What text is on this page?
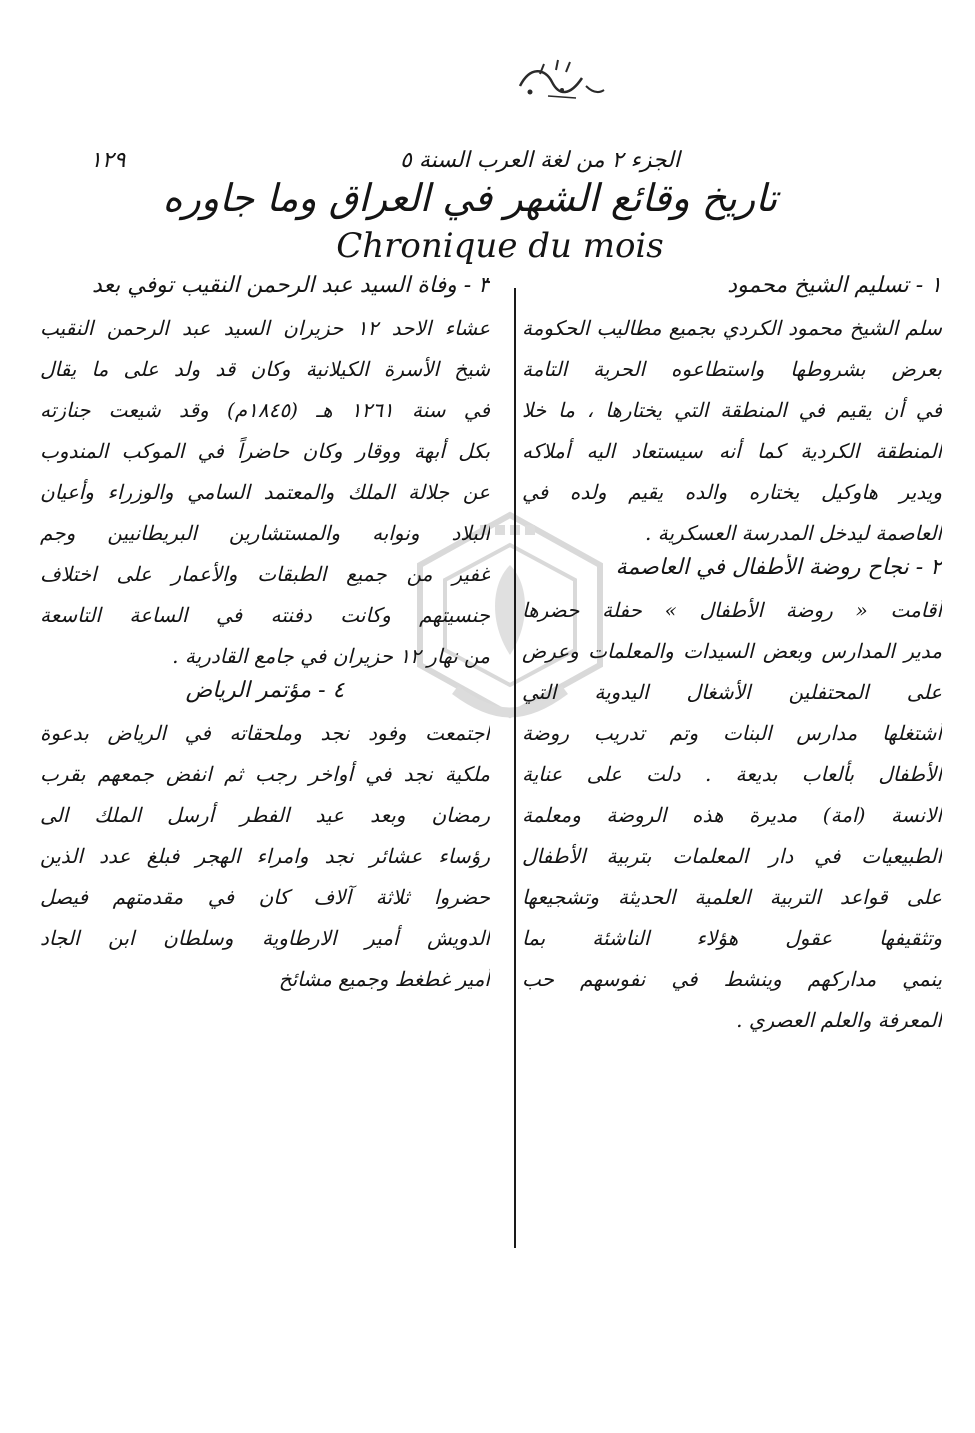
الجزء ٢ من لغة العرب السنة ٥
١٢٩
تاريخ وقائع الشهر في العراق وما جاوره
Chronique du mois
١ - تسليم الشيخ محمود
سلم الشيخ محمود الكردي بجميع مطاليب الحكومة
بعرض بشروطها واستطاعوه الحرية التامة
في أن يقيم في المنطقة التي يختارها ، ما خلا
المنطقة الكردية كما أنه سيستعاد اليه أملاكه
ويدير هاوكيل يختاره والده يقيم ولده في
العاصمة ليدخل المدرسة العسكرية .
٢ - نجاح روضة الأطفال في العاصمة
أقامت « روضة الأطفال » حفلة حضرها
مدير المدارس وبعض السيدات والمعلمات وعرض
على المحتفلين الأشغال اليدوية التي
أشتغلها مدارس البنات وتم تدريب روضة
الأطفال بألعاب بديعة . دلت على عناية
الانسة (امة) مديرة هذه الروضة ومعلمة
الطبيعيات في دار المعلمات بتربية الأطفال
على قواعد التربية العلمية الحديثة وتشجيعها
وتثقيفها عقول هؤلاء الناشئة بما
ينمي مداركهم وينشط في نفوسهم حب
المعرفة والعلم العصري .
٣ - وفاة السيد عبد الرحمن النقيب توفي بعد
عشاء الاحد ١٢ حزيران السيد عبد الرحمن النقيب
شيخ الأسرة الكيلانية وكان قد ولد على ما يقال
في سنة ١٢٦١ هـ (١٨٤٥م) وقد شيعت جنازته
بكل أبهة ووقار وكان حاضراً في الموكب المندوب
عن جلالة الملك والمعتمد السامي والوزراء وأعيان
البلاد ونوابه والمستشارين البريطانيين وجم
غفير من جميع الطبقات والأعمار على اختلاف
جنسيتهم وكانت دفنته في الساعة التاسعة
من نهار ١٢ حزيران في جامع القادرية .
٤ - مؤتمر الرياض
اجتمعت وفود نجد وملحقاته في الرياض بدعوة
ملكية نجد في أواخر رجب ثم انفض جمعهم بقرب
رمضان وبعد عيد الفطر أرسل الملك الى
رؤساء عشائر نجد وامراء الهجر فبلغ عدد الذين
حضروا ثلاثة آلاف كان في مقدمتهم فيصل
الدويش أمير الارطاوية وسلطان ابن الجاد
أمير غطغط وجميع مشائخ
